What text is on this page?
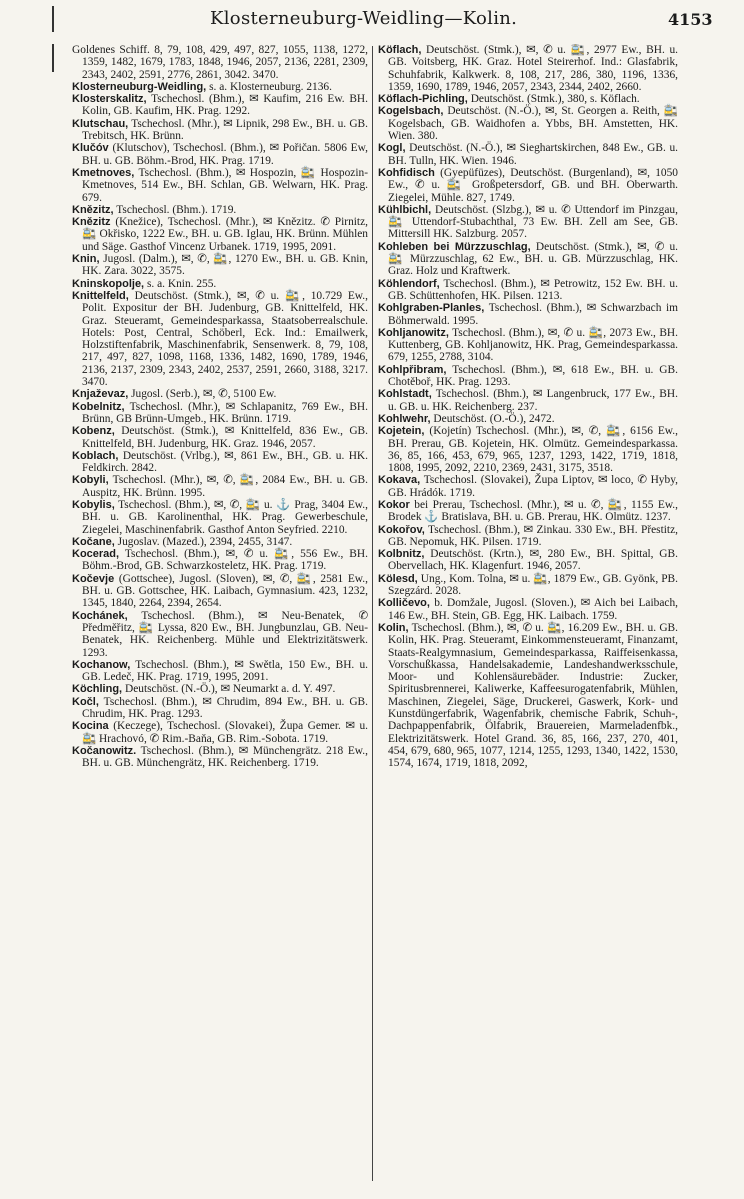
Klosterneuburg-Weidling—Kolin.	4153

Goldenes Schiff. 8, 79, 108, 429, 497, 827, 1055, 1138, 1272, 1359, 1482, 1679, 1783, 1848, 1946, 2057, 2136, 2281, 2309, 2343, 2402, 2591, 2776, 2861, 3042. 3470.

Klosterneuburg-Weidling, s. a. Klosterneuburg. 2136.

Klosterskalitz, Tschechosl. (Bhm.), ✉ Kaufim, 216 Ew. BH. Kolin, GB. Kaufim, HK. Prag. 1292.

Klutschau, Tschechosl. (Mhr.), ✉ Lipnik, 298 Ew., BH. u. GB. Trebitsch, HK. Brünn.

Klučóv (Klutschov), Tschechosl. (Bhm.), ✉ Pořičan. 5806 Ew, BH. u. GB. Böhm.-Brod, HK. Prag. 1719.

Kmetnoves, Tschechosl. (Bhm.), ✉ Hospozin, 🚉 Hospozin-Kmetnoves, 514 Ew., BH. Schlan, GB. Welwarn, HK. Prag. 679.

Knězitz, Tschechosl. (Bhm.). 1719.

Knězitz (Knežice), Tschechosl. (Mhr.), ✉ Knězitz. ✆ Pirnitz, 🚉 Okřisko, 1222 Ew., BH. u. GB. Iglau, HK. Brünn. Mühlen und Säge. Gasthof Vincenz Urbanek. 1719, 1995, 2091.

Knin, Jugosl. (Dalm.), ✉, ✆, 🚉, 1270 Ew., BH. u. GB. Knin, HK. Zara. 3022, 3575.

Kninskopolje, s. a. Knin. 255.

Knittelfeld, Deutschöst. (Stmk.), ✉, ✆ u. 🚉, 10.729 Ew., Polit. Expositur der BH. Judenburg, GB. Knittelfeld, HK. Graz. Steueramt, Gemeindesparkassa, Staatsoberrealschule. Hotels: Post, Central, Schöberl, Eck. Ind.: Emailwerk, Holzstiftenfabrik, Maschinenfabrik, Sensenwerk. 8, 79, 108, 217, 497, 827, 1098, 1168, 1336, 1482, 1690, 1789, 1946, 2136, 2137, 2309, 2343, 2402, 2537, 2591, 2660, 3188, 3217. 3470.

Knjaževaz, Jugosl. (Serb.), ✉, ✆, 5100 Ew.

Kobelnitz, Tschechosl. (Mhr.), ✉ Schlapanitz, 769 Ew., BH. Brünn, GB Brünn-Umgeb., HK. Brünn. 1719.

Kobenz, Deutschöst. (Stmk.), ✉ Knittelfeld, 836 Ew., GB. Knittelfeld, BH. Judenburg, HK. Graz. 1946, 2057.

Koblach, Deutschöst. (Vrlbg.), ✉, 861 Ew., BH., GB. u. HK. Feldkirch. 2842.

Kobyli, Tschechosl. (Mhr.), ✉, ✆, 🚉, 2084 Ew., BH. u. GB. Auspitz, HK. Brünn. 1995.

Kobylis, Tschechosl. (Bhm.), ✉, ✆, 🚉 u. ⚓ Prag, 3404 Ew., BH. u. GB. Karolinenthal, HK. Prag. Gewerbeschule, Ziegelei, Maschinenfabrik. Gasthof Anton Seyfried. 2210.

Kočane, Jugoslav. (Mazed.), 2394, 2455, 3147.

Kocerad, Tschechosl. (Bhm.), ✉, ✆ u. 🚉, 556 Ew., BH. Böhm.-Brod, GB. Schwarzkosteletz, HK. Prag. 1719.

Kočevje (Gottschee), Jugosl. (Sloven), ✉, ✆, 🚉, 2581 Ew., BH. u. GB. Gottschee, HK. Laibach, Gymnasium. 423, 1232, 1345, 1840, 2264, 2394, 2654.

Kochánek, Tschechosl. (Bhm.), ✉ Neu-Benatek, ✆ Předměřitz, 🚉 Lyssa, 820 Ew., BH. Jungbunzlau, GB. Neu-Benatek, HK. Reichenberg. Mühle und Elektrizitätswerk. 1293.

Kochanow, Tschechosl. (Bhm.), ✉ Swětla, 150 Ew., BH. u. GB. Ledeč, HK. Prag. 1719, 1995, 2091.

Köchling, Deutschöst. (N.-Ö.), ✉ Neumarkt a. d. Y. 497.

Kočl, Tschechosl. (Bhm.), ✉ Chrudim, 894 Ew., BH. u. GB. Chrudim, HK. Prag. 1293.

Kocina (Keczege), Tschechosl. (Slovakei), Župa Gemer. ✉ u. 🚉 Hrachovó, ✆ Rim.-Baňa, GB. Rim.-Sobota. 1719.

Kočanowitz. Tschechosl. (Bhm.), ✉ Münchengrätz. 218 Ew., BH. u. GB. Münchengrätz, HK. Reichenberg. 1719.

Köflach, Deutschöst. (Stmk.), ✉, ✆ u. 🚉, 2977 Ew., BH. u. GB. Voitsberg, HK. Graz. Hotel Steirerhof. Ind.: Glasfabrik, Schuhfabrik, Kalkwerk. 8, 108, 217, 286, 380, 1196, 1336, 1359, 1690, 1789, 1946, 2057, 2343, 2344, 2402, 2660.

Köflach-Pichling, Deutschöst. (Stmk.), 380, s. Köflach.

Kogelsbach, Deutschöst. (N.-Ö.), ✉, St. Georgen a. Reith, 🚉 Kogelsbach, GB. Waidhofen a. Ybbs, BH. Amstetten, HK. Wien. 380.

Kogl, Deutschöst. (N.-Ö.), ✉ Sieghartskirchen, 848 Ew., GB. u. BH. Tulln, HK. Wien. 1946.

Kohfidisch (Gyepüfüzes), Deutschöst. (Burgenland), ✉, 1050 Ew., ✆ u. 🚉 Großpetersdorf, GB. und BH. Oberwarth. Ziegelei, Mühle. 827, 1749.

Kühlbichl, Deutschöst. (Slzbg.), ✉ u. ✆ Uttendorf im Pinzgau, 🚉 Uttendorf-Stubachthal, 73 Ew. BH. Zell am See, GB. Mittersill HK. Salzburg. 2057.

Kohleben bei Mürzzuschlag, Deutschöst. (Stmk.), ✉, ✆ u. 🚉 Mürzzuschlag, 62 Ew., BH. u. GB. Mürzzuschlag, HK. Graz. Holz und Kraftwerk.

Köhlendorf, Tschechosl. (Bhm.), ✉ Petrowitz, 152 Ew. BH. u. GB. Schüttenhofen, HK. Pilsen. 1213.

Kohlgraben-Planles, Tschechosl. (Bhm.), ✉ Schwarzbach im Böhmerwald. 1995.

Kohljanowitz, Tschechosl. (Bhm.), ✉, ✆ u. 🚉, 2073 Ew., BH. Kuttenberg, GB. Kohljanowitz, HK. Prag, Gemeindesparkassa. 679, 1255, 2788, 3104.

Kohlpřibram, Tschechosl. (Bhm.), ✉, 618 Ew., BH. u. GB. Chotěboř, HK. Prag. 1293.

Kohlstadt, Tschechosl. (Bhm.), ✉ Langenbruck, 177 Ew., BH. u. GB. u. HK. Reichenberg. 237.

Kohlwehr, Deutschöst. (O.-Ö.), 2472.

Kojetein, (Kojetín) Tschechosl. (Mhr.), ✉, ✆, 🚉, 6156 Ew., BH. Prerau, GB. Kojetein, HK. Olmütz. Gemeindesparkassa. 36, 85, 166, 453, 679, 965, 1237, 1293, 1422, 1719, 1818, 1808, 1995, 2092, 2210, 2369, 2431, 3175, 3518.

Kokava, Tschechosl. (Slovakei), Župa Liptov, ✉ loco, ✆ Hyby, GB. Hrádók. 1719.

Kokor bei Prerau, Tschechosl. (Mhr.), ✉ u. ✆, 🚉, 1155 Ew., Brodek ⚓ Bratislava, BH. u. GB. Prerau, HK. Olmütz. 1237.

Kokořov, Tschechosl. (Bhm.), ✉ Zinkau. 330 Ew., BH. Přestitz, GB. Nepomuk, HK. Pilsen. 1719.

Kolbnitz, Deutschöst. (Krtn.), ✉, 280 Ew., BH. Spittal, GB. Obervellach, HK. Klagenfurt. 1946, 2057.

Kölesd, Ung., Kom. Tolna, ✉ u. 🚉, 1879 Ew., GB. Gyönk, PB. Szegzárd. 2028.

Kolličevo, b. Domžale, Jugosl. (Sloven.), ✉ Aich bei Laibach, 146 Ew., BH. Stein, GB. Egg, HK. Laibach. 1759.

Kolin, Tschechosl. (Bhm.), ✉, ✆ u. 🚉, 16.209 Ew., BH. u. GB. Kolin, HK. Prag. Steueramt, Einkommensteueramt, Finanzamt, Staats-Realgymnasium, Gemeindesparkassa, Raiffeisenkassa, Vorschußkassa, Handelsakademie, Landeshandwerksschule, Moor- und Kohlensäurebäder. Industrie: Zucker, Spiritusbrennerei, Kaliwerke, Kaffeesurogatenfabrik, Mühlen, Maschinen, Ziegelei, Säge, Druckerei, Gaswerk, Kork- und Kunstdüngerfabrik, Wagenfabrik, chemische Fabrik, Schuh-, Dachpappenfabrik, Ölfabrik, Brauereien, Marmeladenfbk., Elektrizitätswerk. Hotel Grand. 36, 85, 166, 237, 270, 401, 454, 679, 680, 965, 1077, 1214, 1255, 1293, 1340, 1422, 1530, 1574, 1674, 1719, 1818, 2092,
